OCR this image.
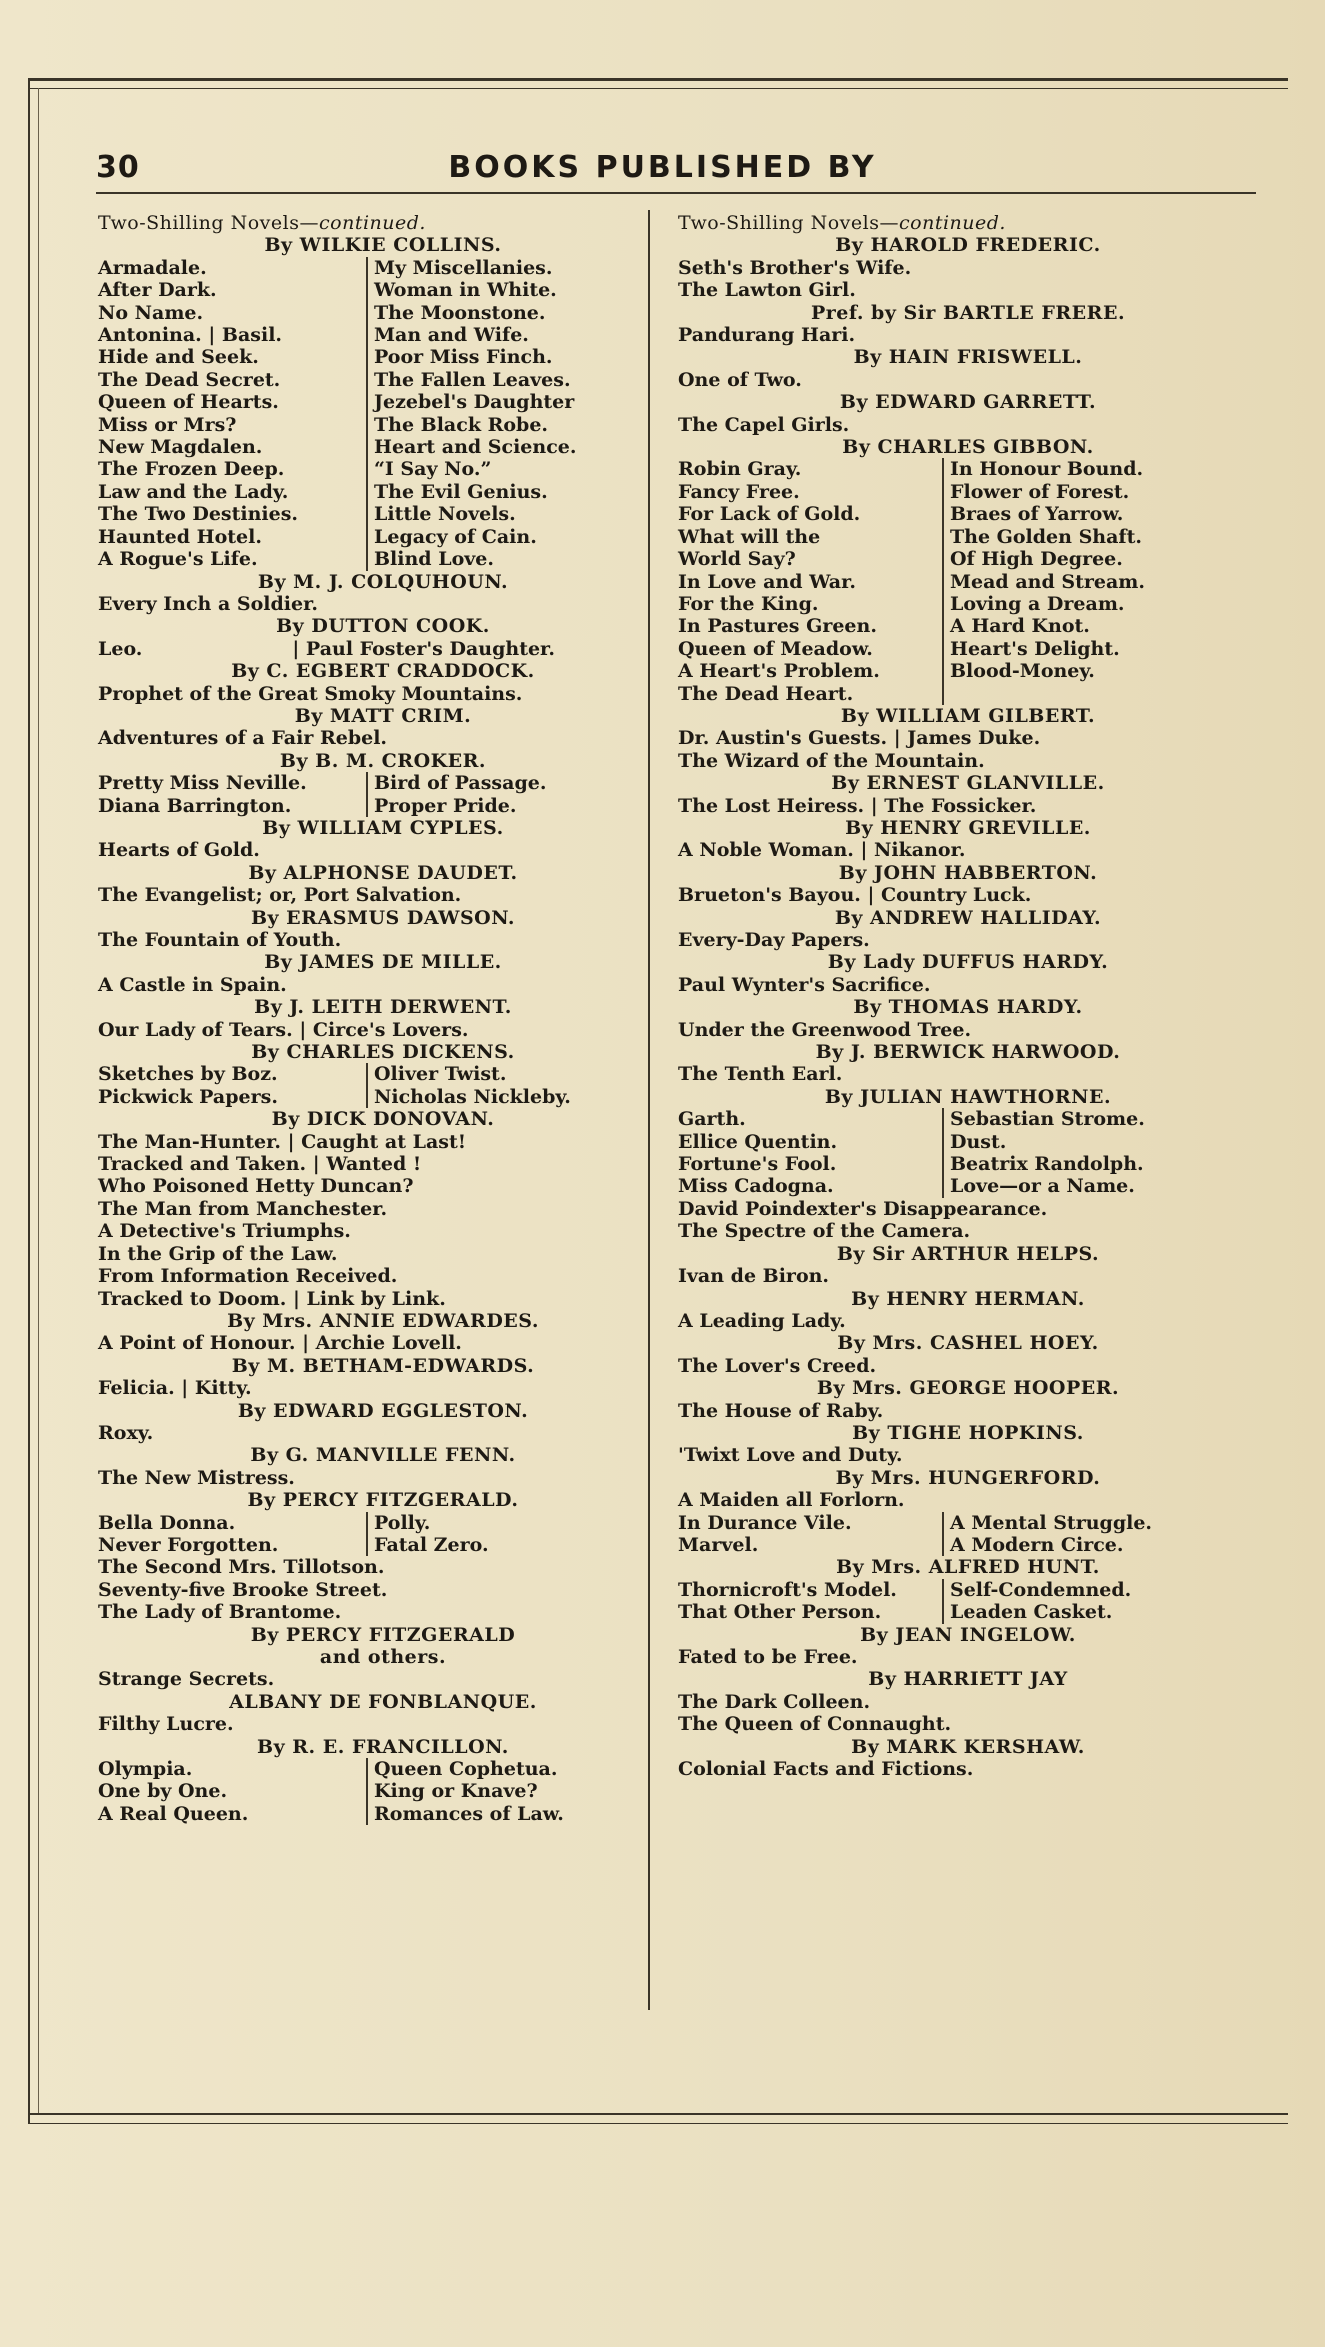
30	BOOKS PUBLISHED BY
Two-Shilling Novels—continued.
By WILKIE COLLINS.
Armadale.
After Dark.
No Name.
Antonina. | Basil.
Hide and Seek.
The Dead Secret.
Queen of Hearts.
Miss or Mrs?
New Magdalen.
The Frozen Deep.
Law and the Lady.
The Two Destinies.
Haunted Hotel.
A Rogue's Life.
My Miscellanies.
Woman in White.
The Moonstone.
Man and Wife.
Poor Miss Finch.
The Fallen Leaves.
Jezebel's Daughter
The Black Robe.
Heart and Science.
“I Say No.”
The Evil Genius.
Little Novels.
Legacy of Cain.
Blind Love.
By M. J. COLQUHOUN.
Every Inch a Soldier.
By DUTTON COOK.
Leo.	| Paul Foster's Daughter.
By C. EGBERT CRADDOCK.
Prophet of the Great Smoky Mountains.
By MATT CRIM.
Adventures of a Fair Rebel.
By B. M. CROKER.
Pretty Miss Neville.
Diana Barrington.
Bird of Passage.
Proper Pride.
By WILLIAM CYPLES.
Hearts of Gold.
By ALPHONSE DAUDET.
The Evangelist; or, Port Salvation.
By ERASMUS DAWSON.
The Fountain of Youth.
By JAMES DE MILLE.
A Castle in Spain.
By J. LEITH DERWENT.
Our Lady of Tears. | Circe's Lovers.
By CHARLES DICKENS.
Sketches by Boz.
Pickwick Papers.
Oliver Twist.
Nicholas Nickleby.
By DICK DONOVAN.
The Man-Hunter. | Caught at Last!
Tracked and Taken. | Wanted !
Who Poisoned Hetty Duncan?
The Man from Manchester.
A Detective's Triumphs.
In the Grip of the Law.
From Information Received.
Tracked to Doom. | Link by Link.
By Mrs. ANNIE EDWARDES.
A Point of Honour. | Archie Lovell.
By M. BETHAM-EDWARDS.
Felicia. | Kitty.
By EDWARD EGGLESTON.
Roxy.
By G. MANVILLE FENN.
The New Mistress.
By PERCY FITZGERALD.
Bella Donna.
Never Forgotten.
Polly.
Fatal Zero.
The Second Mrs. Tillotson.
Seventy-five Brooke Street.
The Lady of Brantome.
By PERCY FITZGERALD
and others.
Strange Secrets.
ALBANY DE FONBLANQUE.
Filthy Lucre.
By R. E. FRANCILLON.
Olympia.
One by One.
A Real Queen.
Queen Cophetua.
King or Knave?
Romances of Law.
Two-Shilling Novels—continued.
By HAROLD FREDERIC.
Seth's Brother's Wife.
The Lawton Girl.
Pref. by Sir BARTLE FRERE.
Pandurang Hari.
By HAIN FRISWELL.
One of Two.
By EDWARD GARRETT.
The Capel Girls.
By CHARLES GIBBON.
Robin Gray.
Fancy Free.
For Lack of Gold.
What will the
World Say?
In Love and War.
For the King.
In Pastures Green.
Queen of Meadow.
A Heart's Problem.
The Dead Heart.
In Honour Bound.
Flower of Forest.
Braes of Yarrow.
The Golden Shaft.
Of High Degree.
Mead and Stream.
Loving a Dream.
A Hard Knot.
Heart's Delight.
Blood-Money.

By WILLIAM GILBERT.
Dr. Austin's Guests. | James Duke.
The Wizard of the Mountain.
By ERNEST GLANVILLE.
The Lost Heiress. | The Fossicker.
By HENRY GREVILLE.
A Noble Woman. | Nikanor.
By JOHN HABBERTON.
Brueton's Bayou. | Country Luck.
By ANDREW HALLIDAY.
Every-Day Papers.
By Lady DUFFUS HARDY.
Paul Wynter's Sacrifice.
By THOMAS HARDY.
Under the Greenwood Tree.
By J. BERWICK HARWOOD.
The Tenth Earl.
By JULIAN HAWTHORNE.
Garth.
Ellice Quentin.
Fortune's Fool.
Miss Cadogna.
Sebastian Strome.
Dust.
Beatrix Randolph.
Love—or a Name.
David Poindexter's Disappearance.
The Spectre of the Camera.
By Sir ARTHUR HELPS.
Ivan de Biron.
By HENRY HERMAN.
A Leading Lady.
By Mrs. CASHEL HOEY.
The Lover's Creed.
By Mrs. GEORGE HOOPER.
The House of Raby.
By TIGHE HOPKINS.
'Twixt Love and Duty.
By Mrs. HUNGERFORD.
A Maiden all Forlorn.
In Durance Vile.
Marvel.
A Mental Struggle.
A Modern Circe.
By Mrs. ALFRED HUNT.
Thornicroft's Model.
That Other Person.
Self-Condemned.
Leaden Casket.
By JEAN INGELOW.
Fated to be Free.
By HARRIETT JAY
The Dark Colleen.
The Queen of Connaught.
By MARK KERSHAW.
Colonial Facts and Fictions.
